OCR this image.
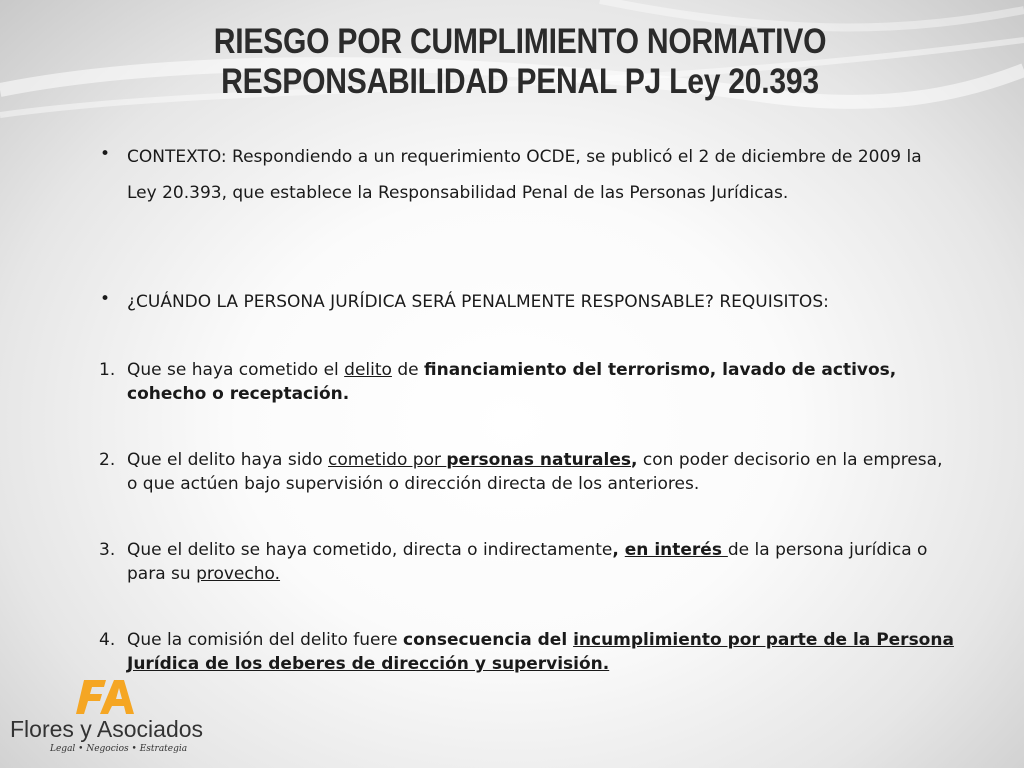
RIESGO POR CUMPLIMIENTO NORMATIVO
RESPONSABILIDAD PENAL PJ Ley 20.393
• CONTEXTO: Respondiendo a un requerimiento OCDE, se publicó el 2 de diciembre de 2009 la Ley 20.393, que establece la Responsabilidad Penal de las Personas Jurídicas.
• ¿CUÁNDO LA PERSONA JURÍDICA SERÁ PENALMENTE RESPONSABLE? REQUISITOS:
1. Que se haya cometido el delito de financiamiento del terrorismo, lavado de activos, cohecho o receptación.
2. Que el delito haya sido cometido por personas naturales, con poder decisorio en la empresa, o que actúen bajo supervisión o dirección directa de los anteriores.
3. Que el delito se haya cometido, directa o indirectamente, en interés de la persona jurídica o para su provecho.
4. Que la comisión del delito fuere consecuencia del incumplimiento por parte de la Persona Jurídica de los deberes de dirección y supervisión.
Flores y Asociados
Legal • Negocios • Estrategia
